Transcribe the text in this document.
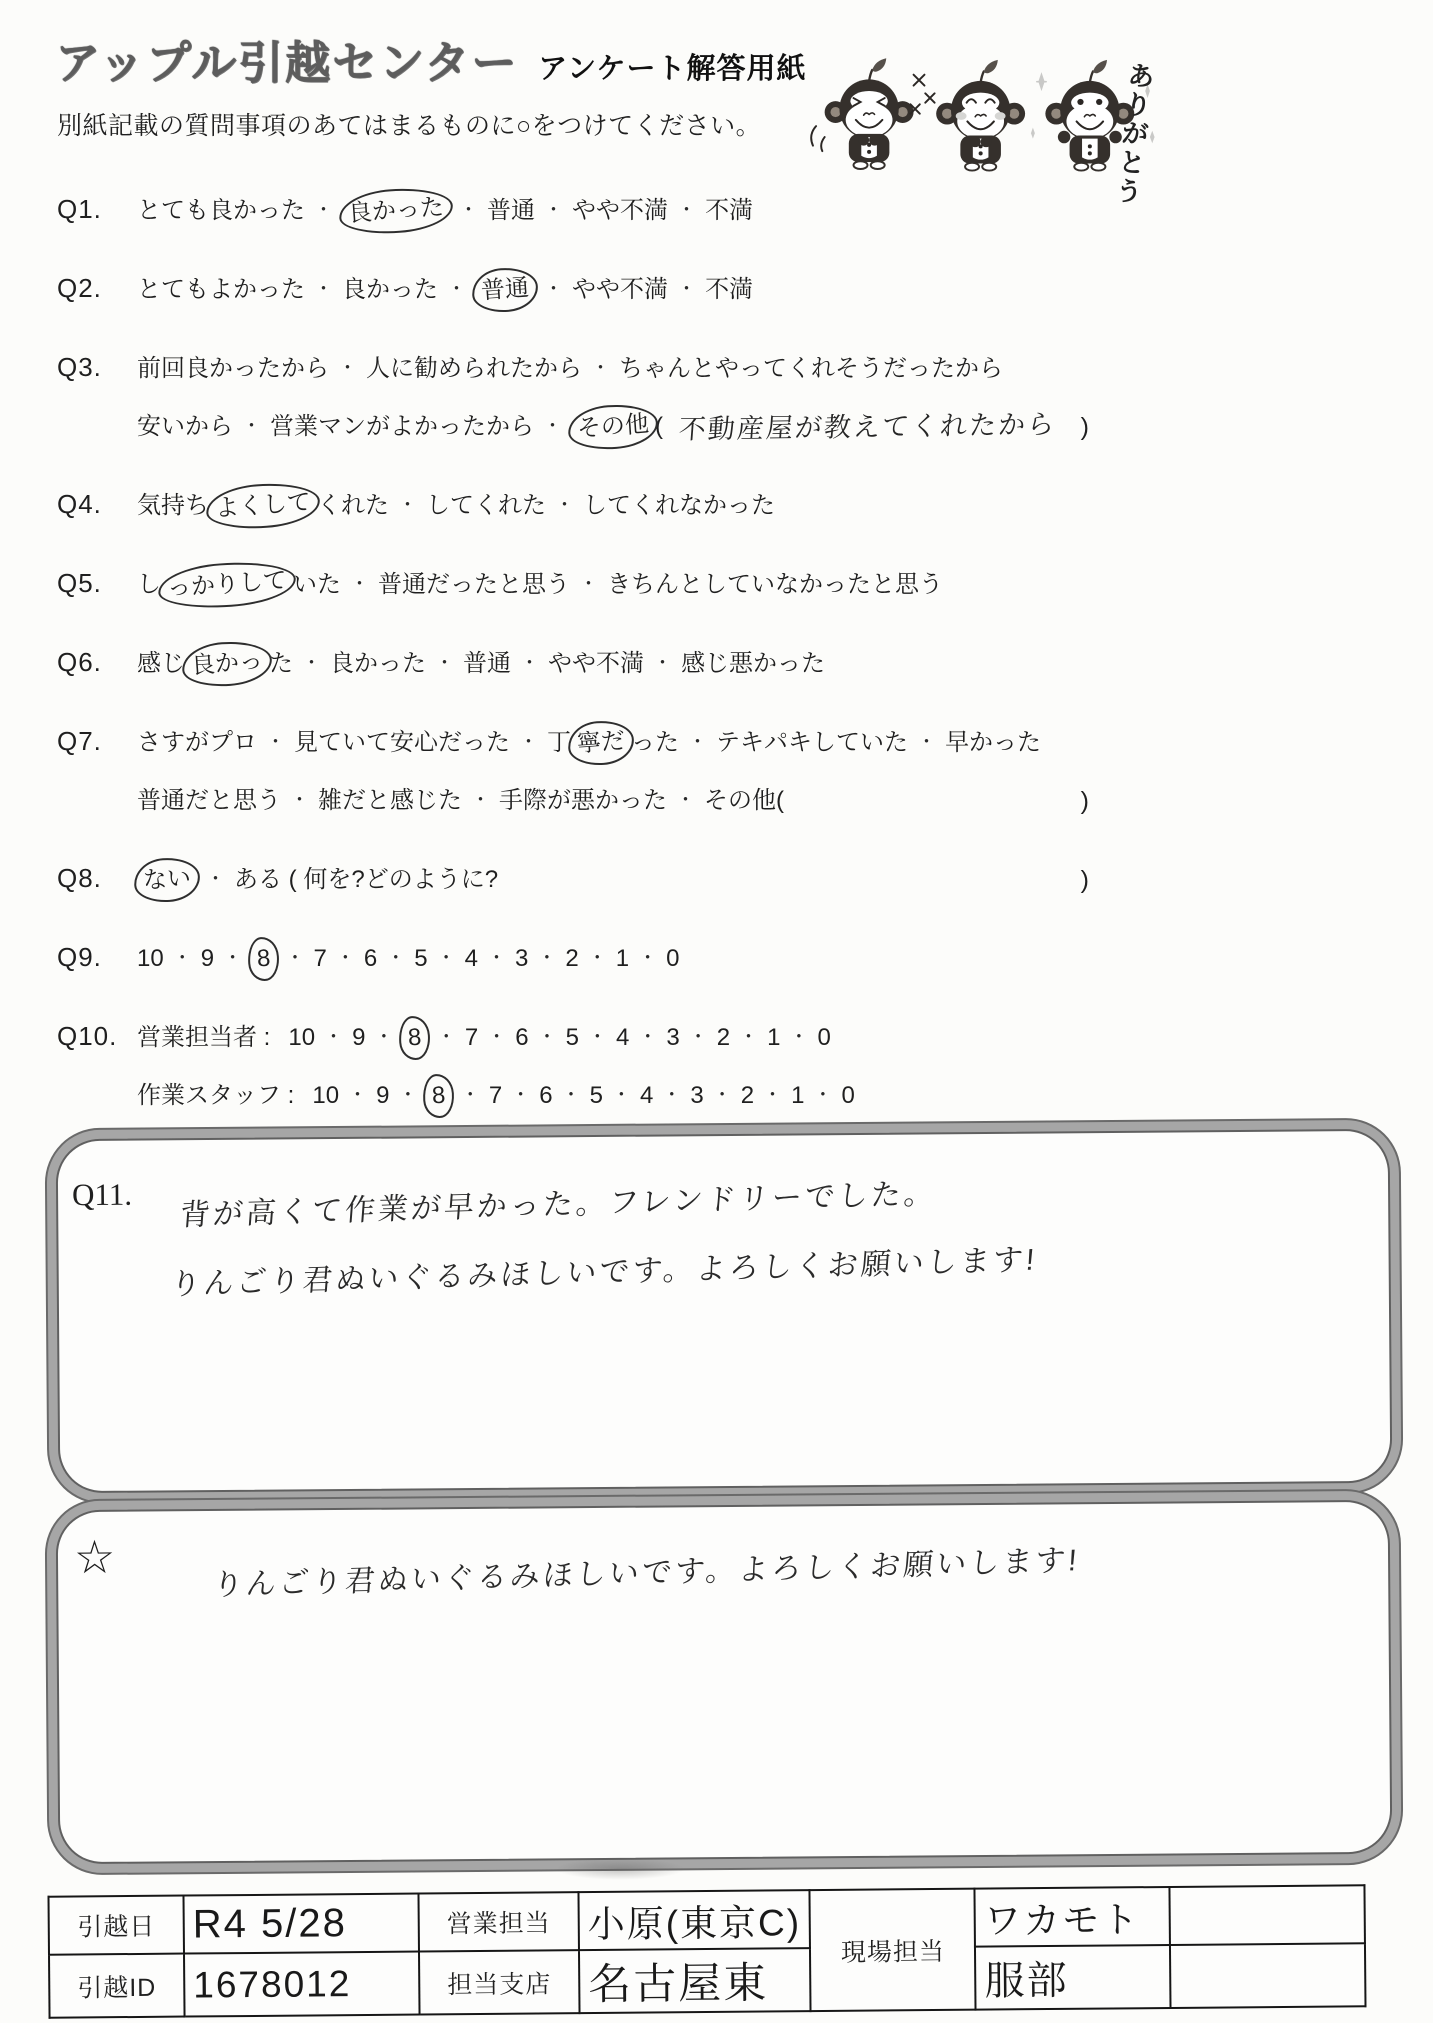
アップル引越センター アンケート解答用紙
別紙記載の質問事項のあてはまるものに○をつけてください。
ありがとう
Q1.	とても良かった ・ 良かった ・ 普通 ・ やや不満 ・ 不満
Q2.	とてもよかった ・ 良かった ・ 普通 ・ やや不満 ・ 不満
Q3.	前回良かったから ・ 人に勧められたから ・ ちゃんとやってくれそうだったから
安いから ・ 営業マンがよかったから ・ その他 ( 不動産屋が教えてくれたから )
Q4.	気持ち よくして くれた ・ してくれた ・ してくれなかった
Q5.	し っかりして いた ・ 普通だったと思う ・ きちんとしていなかったと思う
Q6.	感じ 良かっ た ・ 良かった ・ 普通 ・ やや不満 ・ 感じ悪かった
Q7.	さすがプロ ・ 見ていて安心だった ・ 丁 寧だ った ・ テキパキしていた ・ 早かった
普通だと思う ・ 雑だと感じた ・ 手際が悪かった ・ その他(	)
Q8.	ない ・ ある ( 何を?どのように?	)
Q9.	10 ・ 9 ・ 8 ・ 7 ・ 6 ・ 5 ・ 4 ・ 3 ・ 2 ・ 1 ・ 0
Q10. 営業担当者 : 10 ・ 9 ・ 8 ・ 7 ・ 6 ・ 5 ・ 4 ・ 3 ・ 2 ・ 1 ・ 0
作業スタッフ : 10 ・ 9 ・ 8 ・ 7 ・ 6 ・ 5 ・ 4 ・ 3 ・ 2 ・ 1 ・ 0
Q11. 背が高くて作業が早かった。フレンドリーでした。
りんごり君ぬいぐるみほしいです。よろしくお願いします!
☆	りんごり君ぬいぐるみほしいです。よろしくお願いします!
引越日	R4 5/28	営業担当	小原(東京C)	現場担当	ワカモト	
引越ID	1678012	担当支店	名古屋東		服部	
